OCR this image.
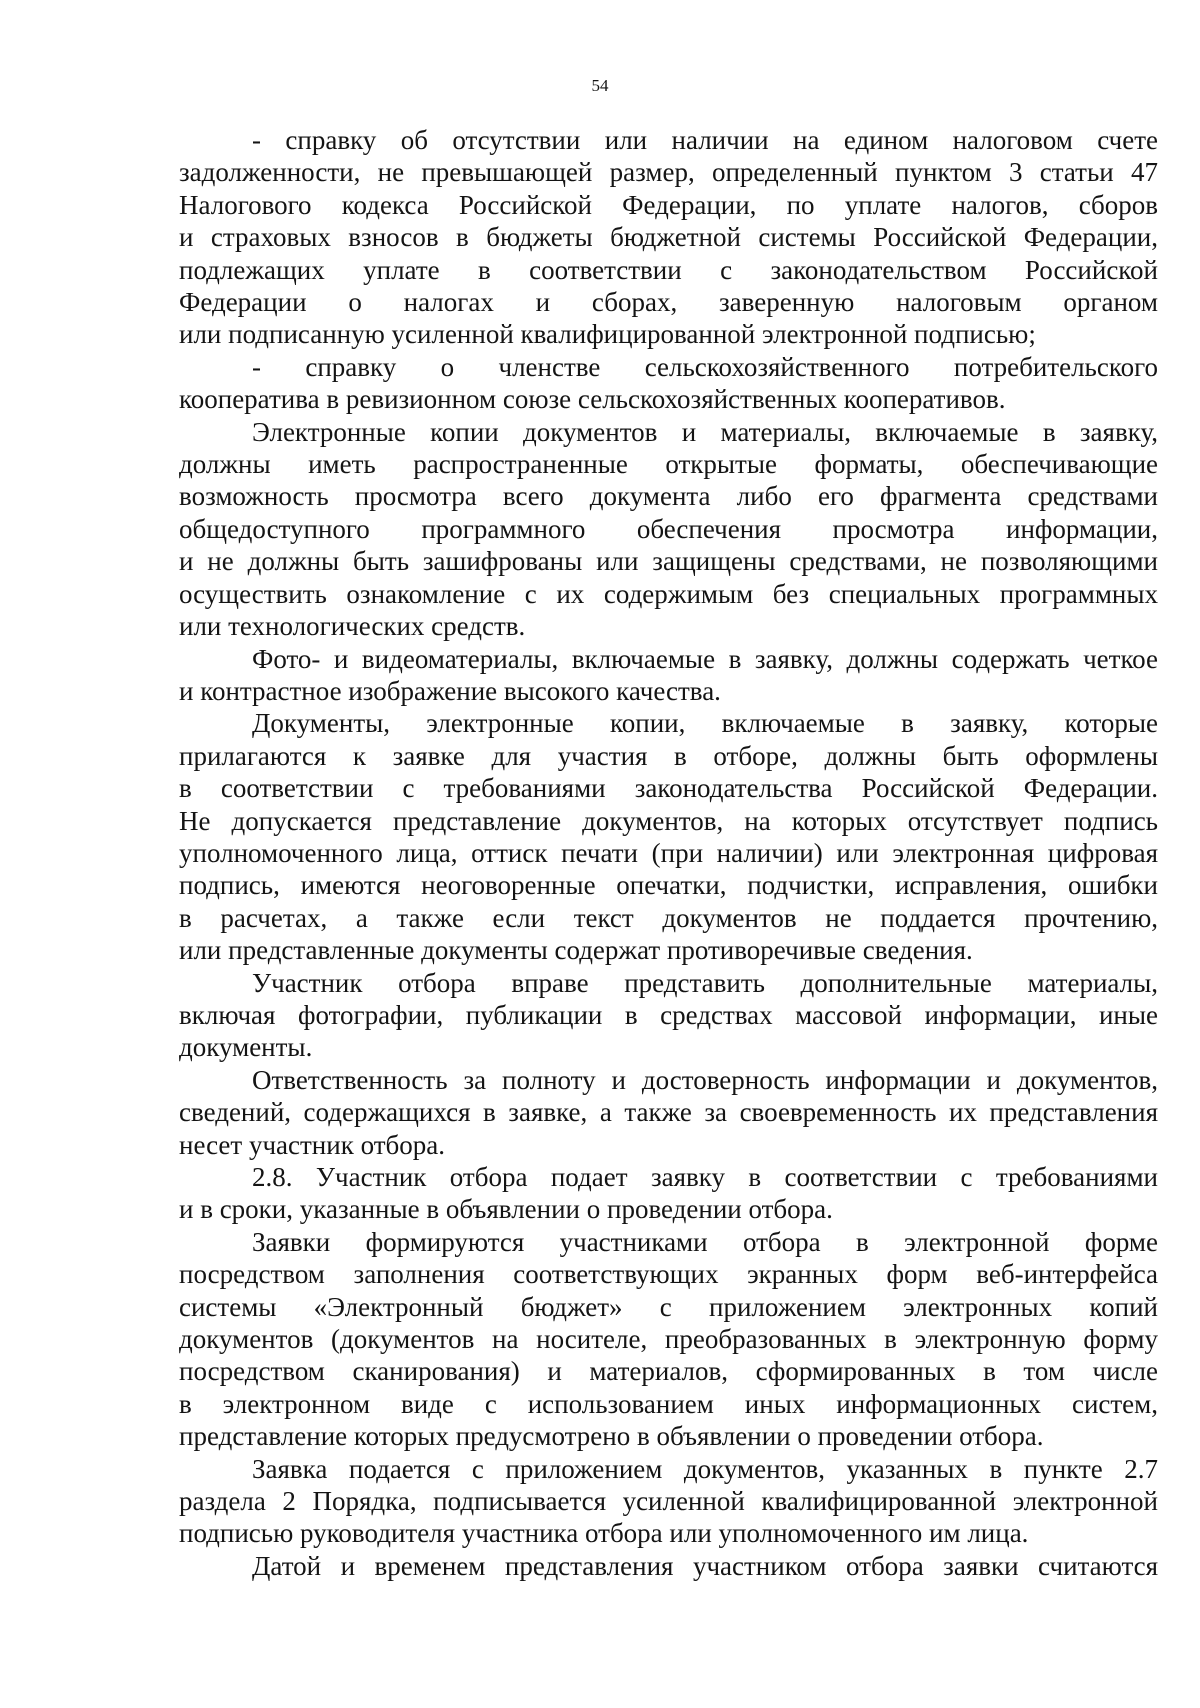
54
- справку об отсутствии или наличии на едином налоговом счете
задолженности, не превышающей размер, определенный пунктом 3 статьи 47
Налогового кодекса Российской Федерации, по уплате налогов, сборов
и страховых взносов в бюджеты бюджетной системы Российской Федерации,
подлежащих уплате в соответствии с законодательством Российской
Федерации о налогах и сборах, заверенную налоговым органом
или подписанную усиленной квалифицированной электронной подписью;
- справку о членстве сельскохозяйственного потребительского
кооператива в ревизионном союзе сельскохозяйственных кооперативов.
Электронные копии документов и материалы, включаемые в заявку,
должны иметь распространенные открытые форматы, обеспечивающие
возможность просмотра всего документа либо его фрагмента средствами
общедоступного программного обеспечения просмотра информации,
и не должны быть зашифрованы или защищены средствами, не позволяющими
осуществить ознакомление с их содержимым без специальных программных
или технологических средств.
Фото- и видеоматериалы, включаемые в заявку, должны содержать четкое
и контрастное изображение высокого качества.
Документы, электронные копии, включаемые в заявку, которые
прилагаются к заявке для участия в отборе, должны быть оформлены
в соответствии с требованиями законодательства Российской Федерации.
Не допускается представление документов, на которых отсутствует подпись
уполномоченного лица, оттиск печати (при наличии) или электронная цифровая
подпись, имеются неоговоренные опечатки, подчистки, исправления, ошибки
в расчетах, а также если текст документов не поддается прочтению,
или представленные документы содержат противоречивые сведения.
Участник отбора вправе представить дополнительные материалы,
включая фотографии, публикации в средствах массовой информации, иные
документы.
Ответственность за полноту и достоверность информации и документов,
сведений, содержащихся в заявке, а также за своевременность их представления
несет участник отбора.
2.8. Участник отбора подает заявку в соответствии с требованиями
и в сроки, указанные в объявлении о проведении отбора.
Заявки формируются участниками отбора в электронной форме
посредством заполнения соответствующих экранных форм веб-интерфейса
системы «Электронный бюджет» с приложением электронных копий
документов (документов на носителе, преобразованных в электронную форму
посредством сканирования) и материалов, сформированных в том числе
в электронном виде с использованием иных информационных систем,
представление которых предусмотрено в объявлении о проведении отбора.
Заявка подается с приложением документов, указанных в пункте 2.7
раздела 2 Порядка, подписывается усиленной квалифицированной электронной
подписью руководителя участника отбора или уполномоченного им лица.
Датой и временем представления участником отбора заявки считаются
